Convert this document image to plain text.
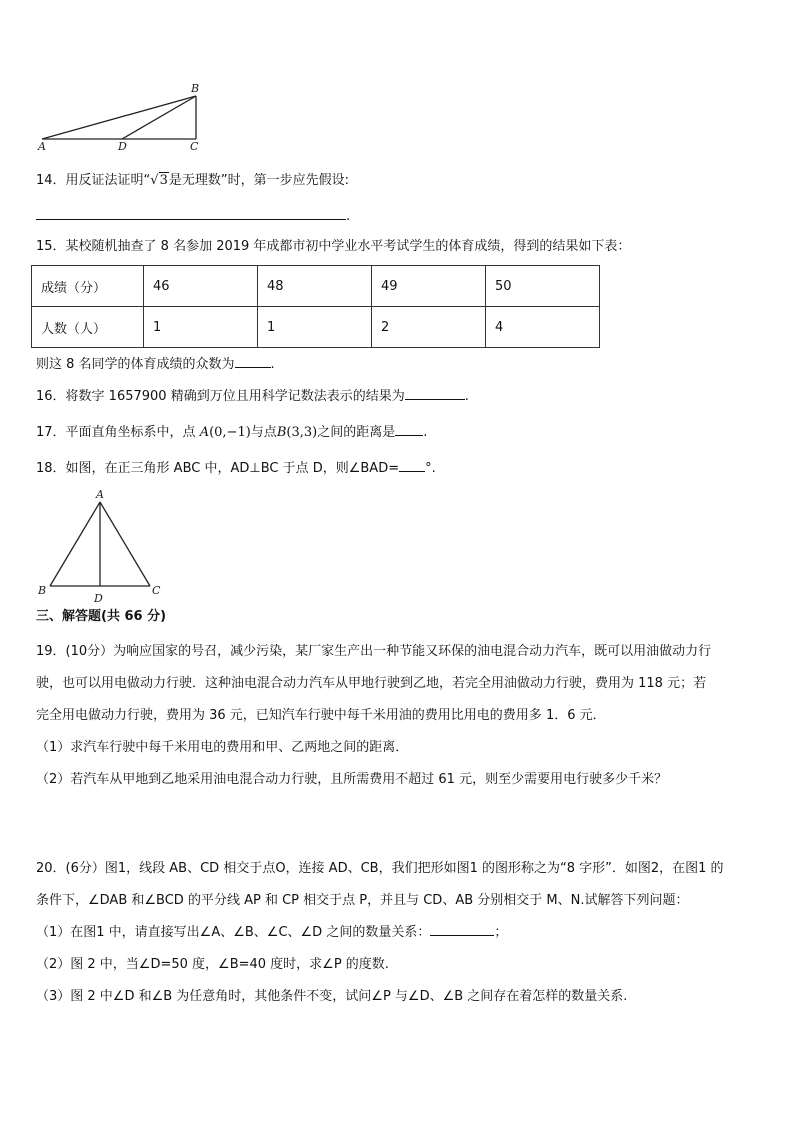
A	D	C
B
14．用反证法证明“√3是无理数”时，第一步应先假设:
.
15．某校随机抽查了 8 名参加 2019 年成都市初中学业水平考试学生的体育成绩，得到的结果如下表：
成绩（分）	46	48	49	50
人数（人）	1	1	2	4
则这 8 名同学的体育成绩的众数为	.
16．将数字 1657900 精确到万位且用科学记数法表示的结果为	.
17．平面直角坐标系中，点 A(0,−1)与点B(3,3)之间的距离是 .
18．如图，在正三角形 ABC 中，AD⊥BC 于点 D，则∠BAD= °.
A
B	C
D
三、解答题(共 66 分)
19．(10分）为响应国家的号召，减少污染，某厂家生产出一种节能又环保的油电混合动力汽车，既可以用油做动力行
驶，也可以用电做动力行驶．这种油电混合动力汽车从甲地行驶到乙地，若完全用油做动力行驶，费用为 118 元；若
完全用电做动力行驶，费用为 36 元，已知汽车行驶中每千米用油的费用比用电的费用多 1．6 元．
（1）求汽车行驶中每千米用电的费用和甲、乙两地之间的距离．
（2）若汽车从甲地到乙地采用油电混合动力行驶，且所需费用不超过 61 元，则至少需要用电行驶多少千米？
20．(6分）图1，线段 AB、CD 相交于点O，连接 AD、CB，我们把形如图1 的图形称之为“8 字形”．如图2，在图1 的
条件下，∠DAB 和∠BCD 的平分线 AP 和 CP 相交于点 P，并且与 CD、AB 分别相交于 M、N.试解答下列问题：
（1）在图1 中，请直接写出∠A、∠B、∠C、∠D 之间的数量关系：	；
（2）图 2 中，当∠D=50 度，∠B=40 度时，求∠P 的度数.
（3）图 2 中∠D 和∠B 为任意角时，其他条件不变，试问∠P 与∠D、∠B 之间存在着怎样的数量关系.
